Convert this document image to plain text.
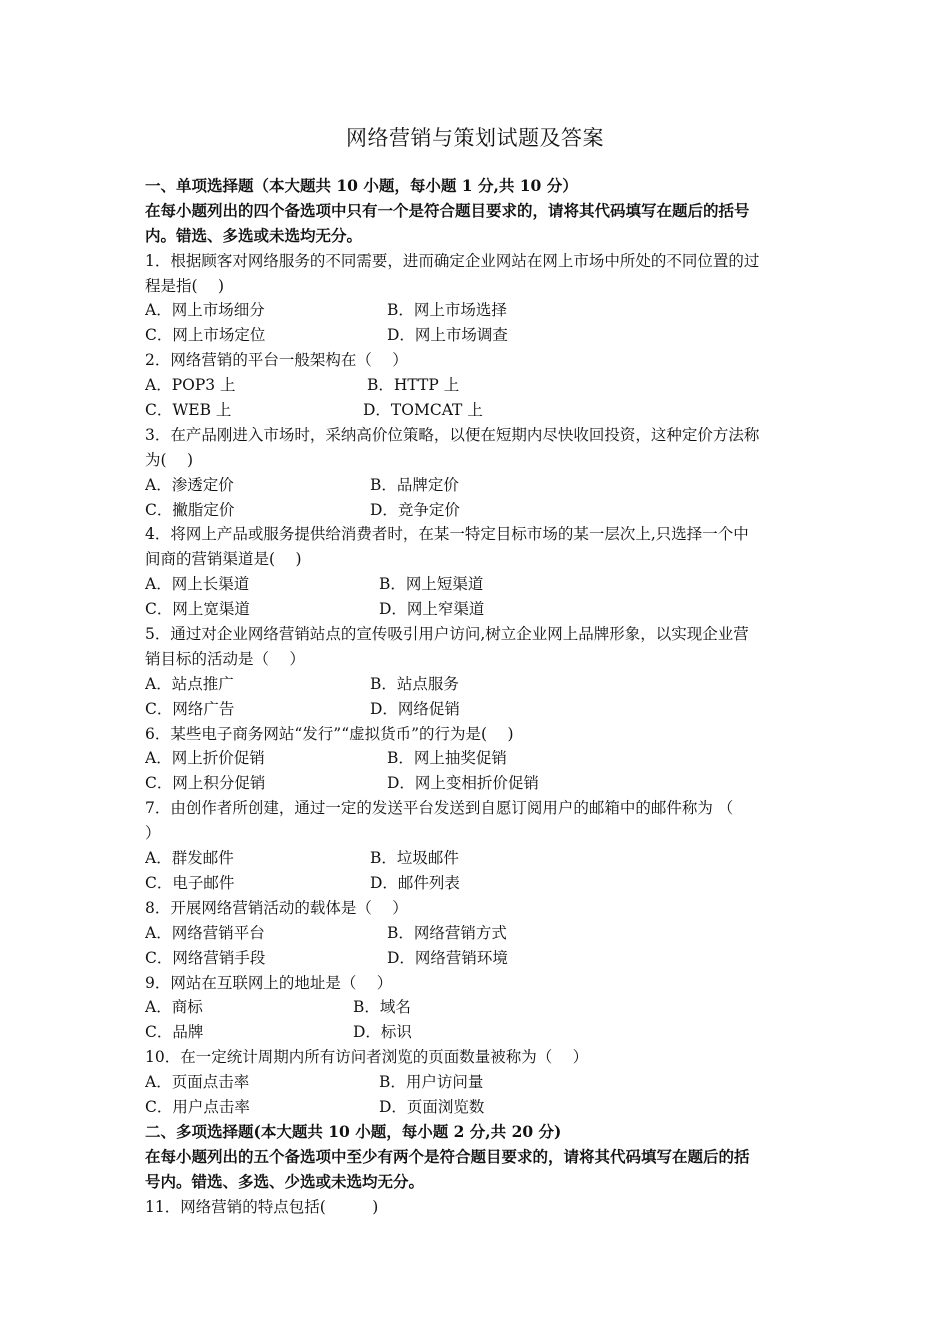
网络营销与策划试题及答案
一、单项选择题（本大题共 10 小题，每小题 1 分,共 10 分）
在每小题列出的四个备选项中只有一个是符合题目要求的，请将其代码填写在题后的括号
内。错选、多选或未选均无分。
1．根据顾客对网络服务的不同需要，进而确定企业网站在网上市场中所处的不同位置的过
程是指(　 )
A．网上市场细分	B．网上市场选择
C．网上市场定位	D．网上市场调查
2．网络营销的平台一般架构在（　 ）
A．POP3 上	B．HTTP 上
C．WEB 上	D．TOMCAT 上
3．在产品刚进入市场时，采纳高价位策略，以便在短期内尽快收回投资，这种定价方法称
为(　 )
A．渗透定价	B．品牌定价
C．撇脂定价	D．竞争定价
4．将网上产品或服务提供给消费者时，在某一特定目标市场的某一层次上,只选择一个中
间商的营销渠道是(　 )
A．网上长渠道	B．网上短渠道
C．网上宽渠道	D．网上窄渠道
5．通过对企业网络营销站点的宣传吸引用户访问,树立企业网上品牌形象，以实现企业营
销目标的活动是（　 ）
A．站点推广	B．站点服务
C．网络广告	D．网络促销
6．某些电子商务网站“发行”“虚拟货币”的行为是(　 )
A．网上折价促销	B．网上抽奖促销
C．网上积分促销	D．网上变相折价促销
7．由创作者所创建，通过一定的发送平台发送到自愿订阅用户的邮箱中的邮件称为 （
）
A．群发邮件	B．垃圾邮件
C．电子邮件	D．邮件列表
8．开展网络营销活动的载体是（　 ）
A．网络营销平台	B．网络营销方式
C．网络营销手段	D．网络营销环境
9．网站在互联网上的地址是（　 ）
A．商标	B．域名
C．品牌	D．标识
10．在一定统计周期内所有访问者浏览的页面数量被称为（　 ）
A．页面点击率	B．用户访问量
C．用户点击率	D．页面浏览数
二、多项选择题(本大题共 10 小题，每小题 2 分,共 20 分)
在每小题列出的五个备选项中至少有两个是符合题目要求的，请将其代码填写在题后的括
号内。错选、多选、少选或未选均无分。
11．网络营销的特点包括(　　　)
